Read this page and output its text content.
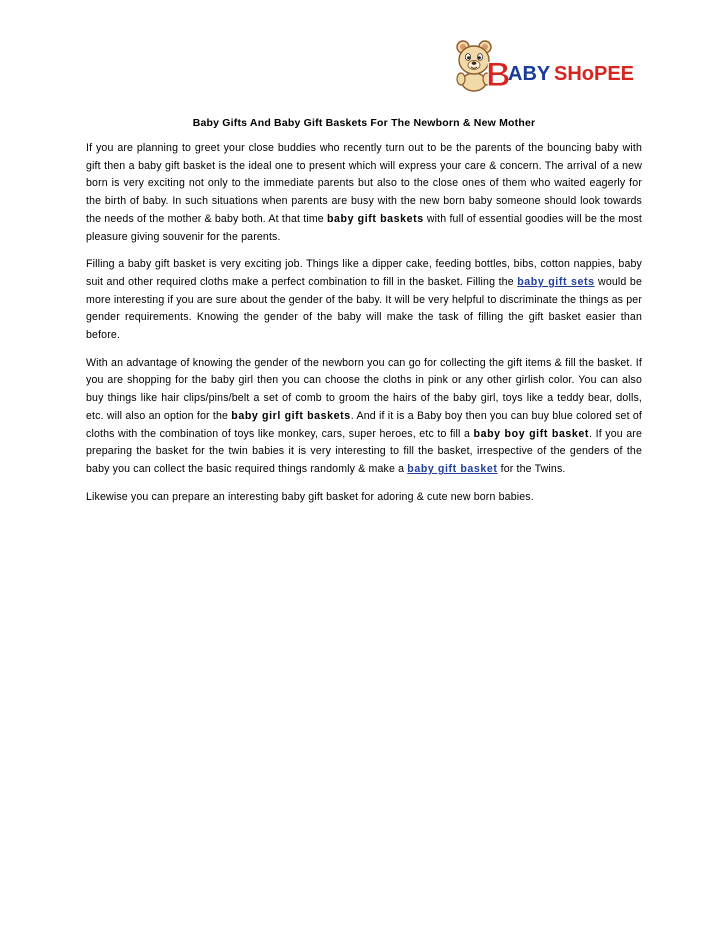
B
ABY SHoPEE
Baby Gifts And Baby Gift Baskets For The Newborn & New Mother

If you are planning to greet your close buddies who recently turn out to be the parents of the bouncing baby with gift then a baby gift basket is the ideal one to present which will express your care & concern. The arrival of a new born is very exciting not only to the immediate parents but also to the close ones of them who waited eagerly for the birth of baby. In such situations when parents are busy with the new born baby someone should look towards the needs of the mother & baby both. At that time baby gift baskets with full of essential goodies will be the most pleasure giving souvenir for the parents.

Filling a baby gift basket is very exciting job. Things like a dipper cake, feeding bottles, bibs, cotton nappies, baby suit and other required cloths make a perfect combination to fill in the basket. Filling the baby gift sets would be more interesting if you are sure about the gender of the baby. It will be very helpful to discriminate the things as per gender requirements. Knowing the gender of the baby will make the task of filling the gift basket easier than before.

With an advantage of knowing the gender of the newborn you can go for collecting the gift items & fill the basket. If you are shopping for the baby girl then you can choose the cloths in pink or any other girlish color. You can also buy things like hair clips/pins/belt a set of comb to groom the hairs of the baby girl, toys like a teddy bear, dolls, etc. will also an option for the baby girl gift baskets. And if it is a Baby boy then you can buy blue colored set of cloths with the combination of toys like monkey, cars, super heroes, etc to fill a baby boy gift basket. If you are preparing the basket for the twin babies it is very interesting to fill the basket, irrespective of the genders of the baby you can collect the basic required things randomly & make a baby gift basket for the Twins.

Likewise you can prepare an interesting baby gift basket for adoring & cute new born babies.
